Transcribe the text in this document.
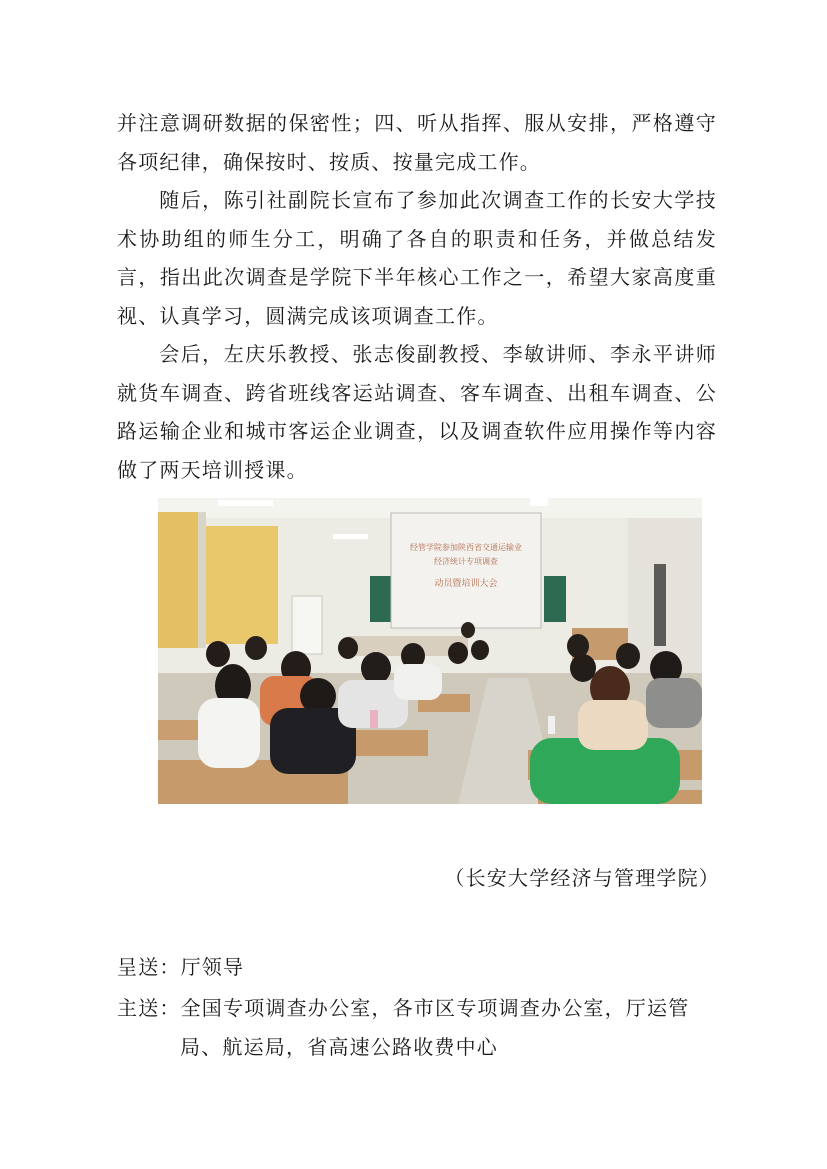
并注意调研数据的保密性；四、听从指挥、服从安排，严格遵守各项纪律，确保按时、按质、按量完成工作。

随后，陈引社副院长宣布了参加此次调查工作的长安大学技术协助组的师生分工，明确了各自的职责和任务，并做总结发言，指出此次调查是学院下半年核心工作之一，希望大家高度重视、认真学习，圆满完成该项调查工作。

会后，左庆乐教授、张志俊副教授、李敏讲师、李永平讲师就货车调查、跨省班线客运站调查、客车调查、出租车调查、公路运输企业和城市客运企业调查，以及调查软件应用操作等内容做了两天培训授课。

经管学院参加陕西省交通运输业
经济统计专项调查
动员暨培训大会
（长安大学经济与管理学院）
呈送：厅领导
主送：全国专项调查办公室，各市区专项调查办公室，厅运管
局、航运局，省高速公路收费中心
